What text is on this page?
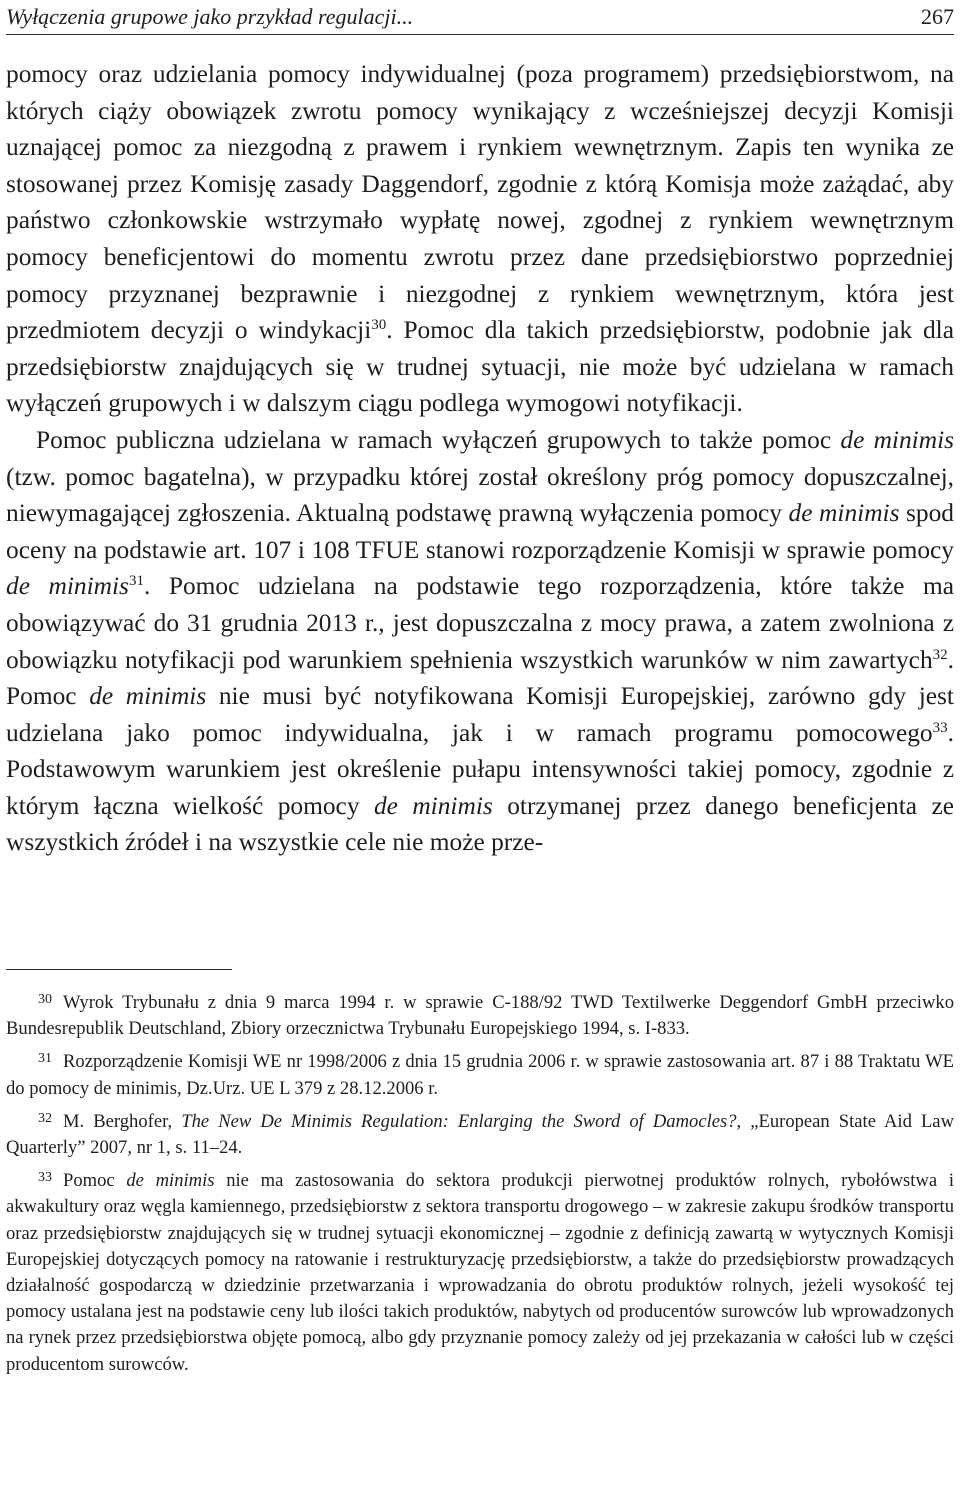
Wyłączenia grupowe jako przykład regulacji...	267

pomocy oraz udzielania pomocy indywidualnej (poza programem) przedsiębiorstwom, na których ciąży obowiązek zwrotu pomocy wynikający z wcześniejszej decyzji Komisji uznającej pomoc za niezgodną z prawem i rynkiem wewnętrznym. Zapis ten wynika ze stosowanej przez Komisję zasady Daggendorf, zgodnie z którą Komisja może zażądać, aby państwo członkowskie wstrzymało wypłatę nowej, zgodnej z rynkiem wewnętrznym pomocy beneficjentowi do momentu zwrotu przez dane przedsiębiorstwo poprzedniej pomocy przyznanej bezprawnie i niezgodnej z rynkiem wewnętrznym, która jest przedmiotem decyzji o windykacji$^{30}$. Pomoc dla takich przedsiębiorstw, podobnie jak dla przedsiębiorstw znajdujących się w trudnej sytuacji, nie może być udzielana w ramach wyłączeń grupowych i w dalszym ciągu podlega wymogowi notyfikacji.

Pomoc publiczna udzielana w ramach wyłączeń grupowych to także pomoc de minimis (tzw. pomoc bagatelna), w przypadku której został określony próg pomocy dopuszczalnej, niewymagającej zgłoszenia. Aktualną podstawę prawną wyłączenia pomocy de minimis spod oceny na podstawie art. 107 i 108 TFUE stanowi rozporządzenie Komisji w sprawie pomocy de minimis$^{31}$. Pomoc udzielana na podstawie tego rozporządzenia, które także ma obowiązywać do 31 grudnia 2013 r., jest dopuszczalna z mocy prawa, a zatem zwolniona z obowiązku notyfikacji pod warunkiem spełnienia wszystkich warunków w nim zawartych$^{32}$. Pomoc de minimis nie musi być notyfikowana Komisji Europejskiej, zarówno gdy jest udzielana jako pomoc indywidualna, jak i w ramach programu pomocowego$^{33}$. Podstawowym warunkiem jest określenie pułapu intensywności takiej pomocy, zgodnie z którym łączna wielkość pomocy de minimis otrzymanej przez danego beneficjenta ze wszystkich źródeł i na wszystkie cele nie może prze-

$^{30}$ Wyrok Trybunału z dnia 9 marca 1994 r. w sprawie C-188/92 TWD Textilwerke Deggendorf GmbH przeciwko Bundesrepublik Deutschland, Zbiory orzecznictwa Trybunału Europejskiego 1994, s. I-833.

$^{31}$ Rozporządzenie Komisji WE nr 1998/2006 z dnia 15 grudnia 2006 r. w sprawie zastosowania art. 87 i 88 Traktatu WE do pomocy de minimis, Dz.Urz. UE L 379 z 28.12.2006 r.

$^{32}$ M. Berghofer, The New De Minimis Regulation: Enlarging the Sword of Damocles?, „European State Aid Law Quarterly” 2007, nr 1, s. 11–24.

$^{33}$ Pomoc de minimis nie ma zastosowania do sektora produkcji pierwotnej produktów rolnych, rybołówstwa i akwakultury oraz węgla kamiennego, przedsiębiorstw z sektora transportu drogowego – w zakresie zakupu środków transportu oraz przedsiębiorstw znajdujących się w trudnej sytuacji ekonomicznej – zgodnie z definicją zawartą w wytycznych Komisji Europejskiej dotyczących pomocy na ratowanie i restrukturyzację przedsiębiorstw, a także do przedsiębiorstw prowadzących działalność gospodarczą w dziedzinie przetwarzania i wprowadzania do obrotu produktów rolnych, jeżeli wysokość tej pomocy ustalana jest na podstawie ceny lub ilości takich produktów, nabytych od producentów surowców lub wprowadzonych na rynek przez przedsiębiorstwa objęte pomocą, albo gdy przyznanie pomocy zależy od jej przekazania w całości lub w części producentom surowców.
